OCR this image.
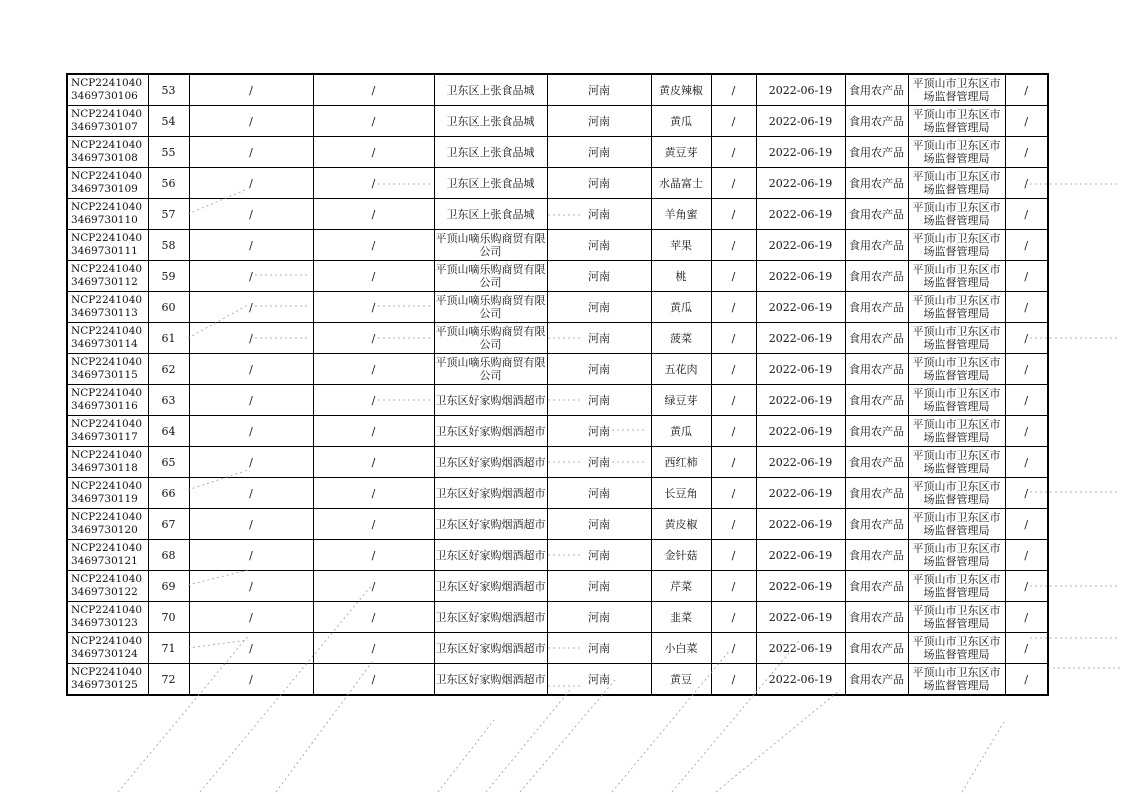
NCP22410403469730106	53	/	/	卫东区上张食品城	河南	黄皮辣椒	/	2022-06-19	食用农产品	平顶山市卫东区市场监督管理局	/
NCP22410403469730107	54	/	/	卫东区上张食品城	河南	黄瓜	/	2022-06-19	食用农产品	平顶山市卫东区市场监督管理局	/
NCP22410403469730108	55	/	/	卫东区上张食品城	河南	黄豆芽	/	2022-06-19	食用农产品	平顶山市卫东区市场监督管理局	/
NCP22410403469730109	56	/	/	卫东区上张食品城	河南	水晶富士	/	2022-06-19	食用农产品	平顶山市卫东区市场监督管理局	/
NCP22410403469730110	57	/	/	卫东区上张食品城	河南	羊角蜜	/	2022-06-19	食用农产品	平顶山市卫东区市场监督管理局	/
NCP22410403469730111	58	/	/	平顶山嘀乐购商贸有限公司	河南	苹果	/	2022-06-19	食用农产品	平顶山市卫东区市场监督管理局	/
NCP22410403469730112	59	/	/	平顶山嘀乐购商贸有限公司	河南	桃	/	2022-06-19	食用农产品	平顶山市卫东区市场监督管理局	/
NCP22410403469730113	60	/	/	平顶山嘀乐购商贸有限公司	河南	黄瓜	/	2022-06-19	食用农产品	平顶山市卫东区市场监督管理局	/
NCP22410403469730114	61	/	/	平顶山嘀乐购商贸有限公司	河南	菠菜	/	2022-06-19	食用农产品	平顶山市卫东区市场监督管理局	/
NCP22410403469730115	62	/	/	平顶山嘀乐购商贸有限公司	河南	五花肉	/	2022-06-19	食用农产品	平顶山市卫东区市场监督管理局	/
NCP22410403469730116	63	/	/	卫东区好家购烟酒超市	河南	绿豆芽	/	2022-06-19	食用农产品	平顶山市卫东区市场监督管理局	/
NCP22410403469730117	64	/	/	卫东区好家购烟酒超市	河南	黄瓜	/	2022-06-19	食用农产品	平顶山市卫东区市场监督管理局	/
NCP22410403469730118	65	/	/	卫东区好家购烟酒超市	河南	西红柿	/	2022-06-19	食用农产品	平顶山市卫东区市场监督管理局	/
NCP22410403469730119	66	/	/	卫东区好家购烟酒超市	河南	长豆角	/	2022-06-19	食用农产品	平顶山市卫东区市场监督管理局	/
NCP22410403469730120	67	/	/	卫东区好家购烟酒超市	河南	黄皮椒	/	2022-06-19	食用农产品	平顶山市卫东区市场监督管理局	/
NCP22410403469730121	68	/	/	卫东区好家购烟酒超市	河南	金针菇	/	2022-06-19	食用农产品	平顶山市卫东区市场监督管理局	/
NCP22410403469730122	69	/	/	卫东区好家购烟酒超市	河南	芹菜	/	2022-06-19	食用农产品	平顶山市卫东区市场监督管理局	/
NCP22410403469730123	70	/	/	卫东区好家购烟酒超市	河南	韭菜	/	2022-06-19	食用农产品	平顶山市卫东区市场监督管理局	/
NCP22410403469730124	71	/	/	卫东区好家购烟酒超市	河南	小白菜	/	2022-06-19	食用农产品	平顶山市卫东区市场监督管理局	/
NCP22410403469730125	72	/	/	卫东区好家购烟酒超市	河南	黄豆	/	2022-06-19	食用农产品	平顶山市卫东区市场监督管理局	/
